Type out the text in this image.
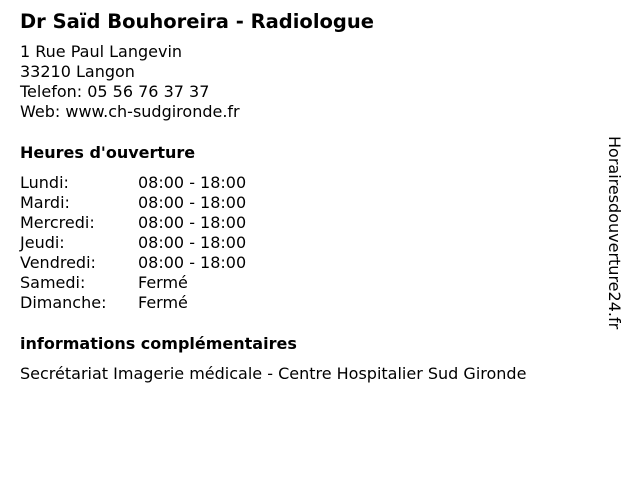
Dr Saïd Bouhoreira - Radiologue
1 Rue Paul Langevin
33210 Langon
Telefon: 05 56 76 37 37
Web: www.ch-sudgironde.fr
Heures d'ouverture
Lundi:	08:00 - 18:00
Mardi:	08:00 - 18:00
Mercredi:	08:00 - 18:00
Jeudi:	08:00 - 18:00
Vendredi:	08:00 - 18:00
Samedi:	Fermé
Dimanche:	Fermé
informations complémentaires
Secrétariat Imagerie médicale - Centre Hospitalier Sud Gironde
Horairesdouverture24.fr
